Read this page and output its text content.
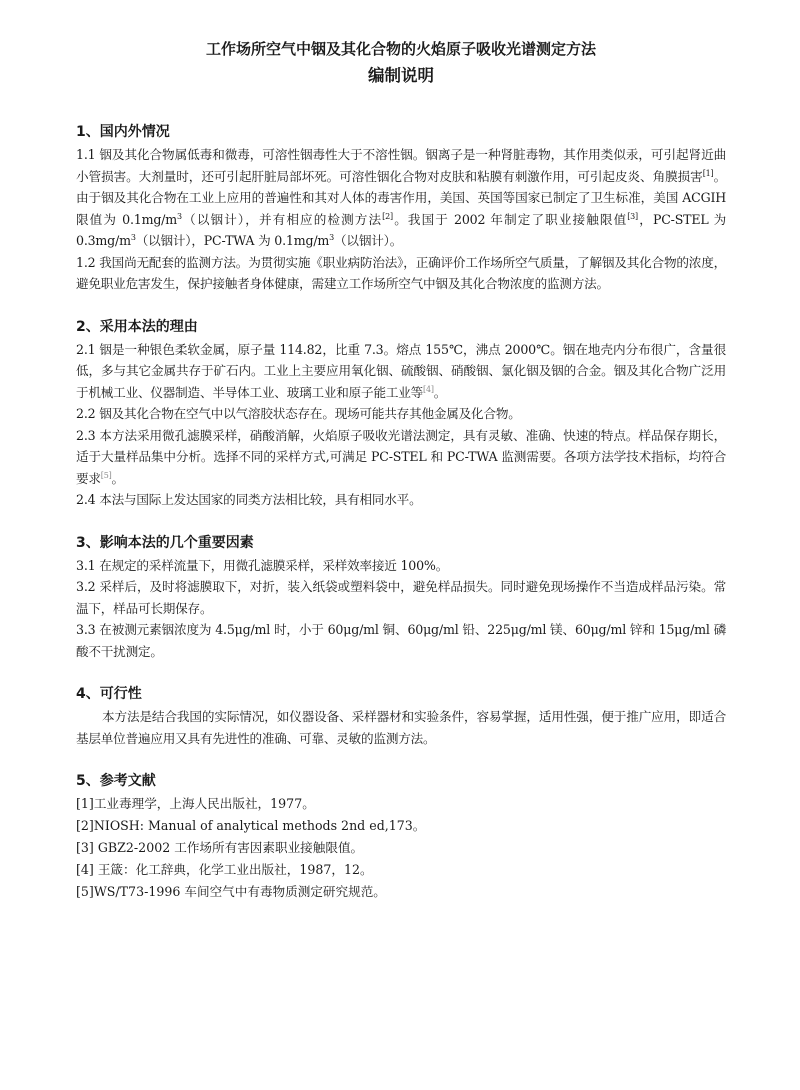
工作场所空气中铟及其化合物的火焰原子吸收光谱测定方法
编制说明
1、国内外情况

1.1 铟及其化合物属低毒和微毒，可溶性铟毒性大于不溶性铟。铟离子是一种肾脏毒物，其作用类似汞，可引起肾近曲小管损害。大剂量时，还可引起肝脏局部坏死。可溶性铟化合物对皮肤和粘膜有刺激作用，可引起皮炎、角膜损害[1]。由于铟及其化合物在工业上应用的普遍性和其对人体的毒害作用，美国、英国等国家已制定了卫生标准，美国 ACGIH 限值为 $0.1mg/m^3$（以铟计），并有相应的检测方法[2]。我国于 2002 年制定了职业接触限值[3]，PC-STEL 为 $0.3mg/m^3$（以铟计），PC-TWA 为 $0.1mg/m^3$（以铟计）。

1.2 我国尚无配套的监测方法。为贯彻实施《职业病防治法》，正确评价工作场所空气质量，了解铟及其化合物的浓度，避免职业危害发生，保护接触者身体健康，需建立工作场所空气中铟及其化合物浓度的监测方法。

2、采用本法的理由

2.1 铟是一种银色柔软金属，原子量 114.82，比重 7.3。熔点 155℃，沸点 2000℃。铟在地壳内分布很广，含量很低，多与其它金属共存于矿石内。工业上主要应用氧化铟、硫酸铟、硝酸铟、氯化铟及铟的合金。铟及其化合物广泛用于机械工业、仪器制造、半导体工业、玻璃工业和原子能工业等[4]。

2.2 铟及其化合物在空气中以气溶胶状态存在。现场可能共存其他金属及化合物。

2.3 本方法采用微孔滤膜采样，硝酸消解，火焰原子吸收光谱法测定，具有灵敏、准确、快速的特点。样品保存期长，适于大量样品集中分析。选择不同的采样方式,可满足 PC-STEL 和 PC-TWA 监测需要。各项方法学技术指标，均符合要求[5]。

2.4 本法与国际上发达国家的同类方法相比较，具有相同水平。

3、影响本法的几个重要因素

3.1 在规定的采样流量下，用微孔滤膜采样，采样效率接近 100%。

3.2 采样后，及时将滤膜取下，对折，装入纸袋或塑料袋中，避免样品损失。同时避免现场操作不当造成样品污染。常温下，样品可长期保存。

3.3 在被测元素铟浓度为 4.5μg/ml 时，小于 60μg/ml 铜、60μg/ml 铅、225μg/ml 镁、60μg/ml 锌和 15μg/ml 磷酸不干扰测定。

4、可行性

本方法是结合我国的实际情况，如仪器设备、采样器材和实验条件，容易掌握，适用性强，便于推广应用，即适合基层单位普遍应用又具有先进性的准确、可靠、灵敏的监测方法。

5、参考文献

[1]工业毒理学，上海人民出版社，1977。

[2]NIOSH: Manual of analytical methods 2nd ed,173。

[3] GBZ2-2002 工作场所有害因素职业接触限值。

[4] 王箴：化工辞典，化学工业出版社，1987，12。

[5]WS/T73-1996 车间空气中有毒物质测定研究规范。
